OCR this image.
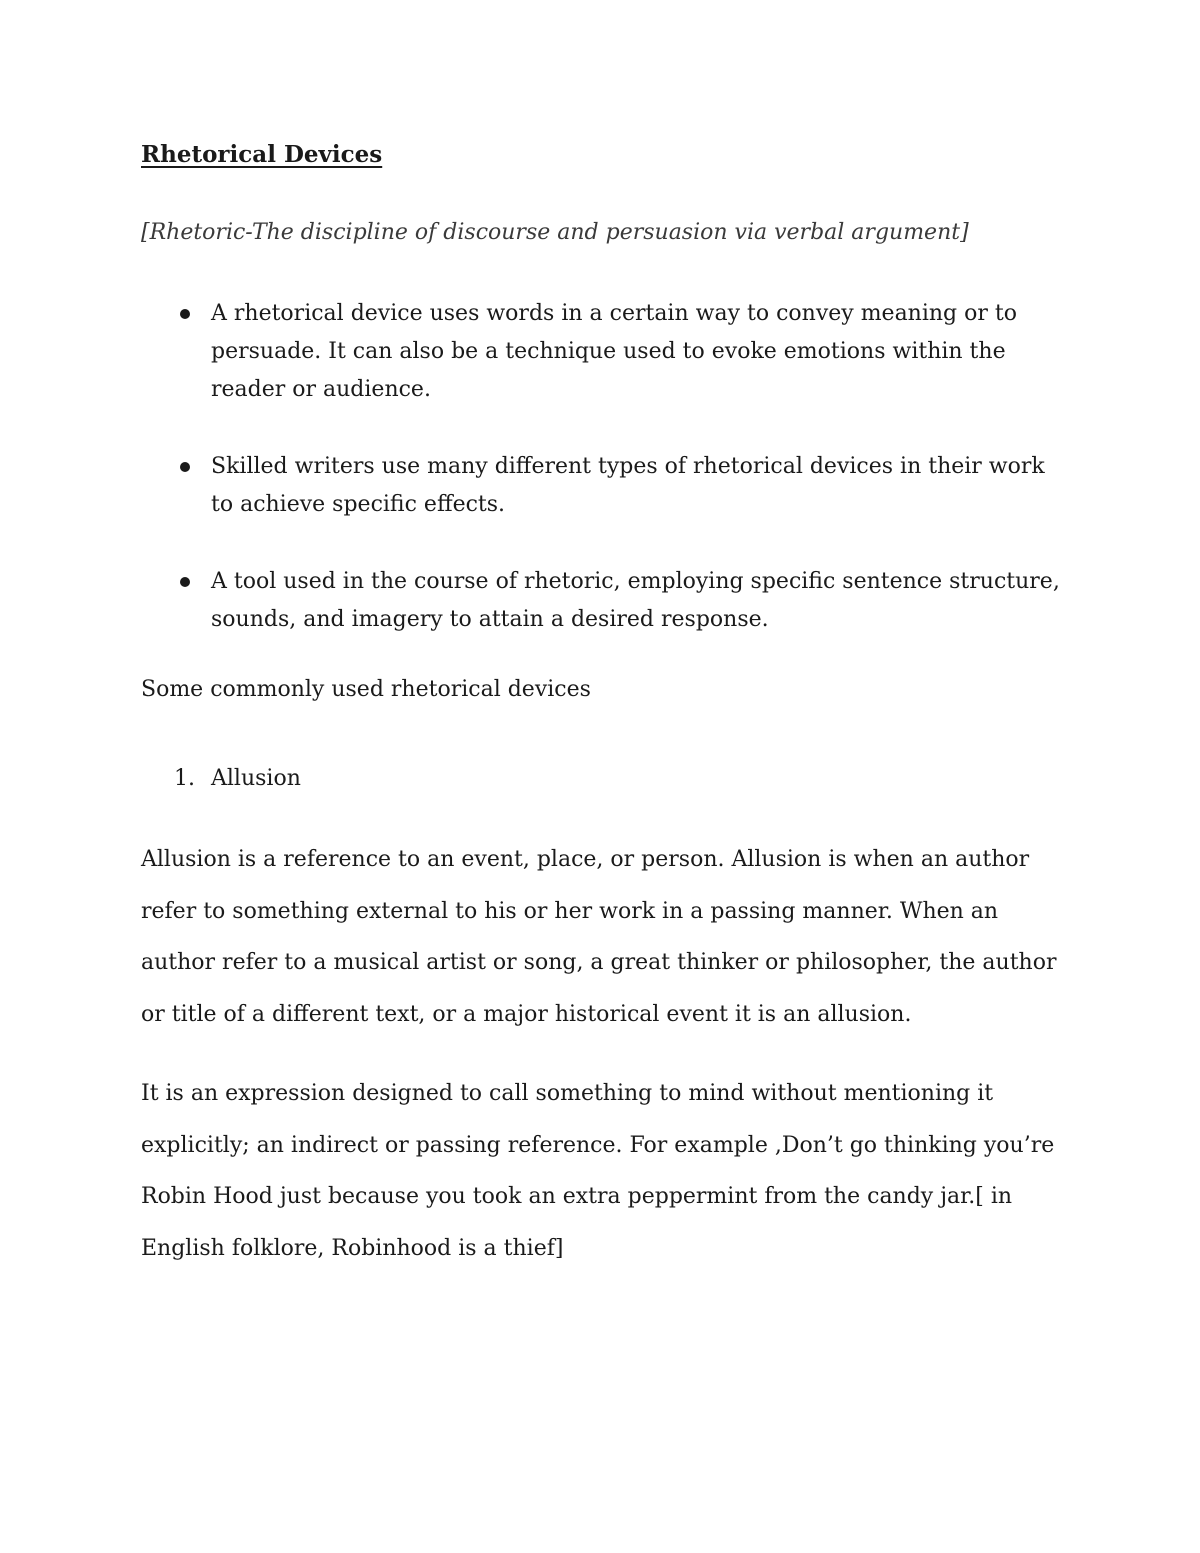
Rhetorical Devices

[Rhetoric-The discipline of discourse and persuasion via verbal argument]

A rhetorical device uses words in a certain way to convey meaning or to persuade. It can also be a technique used to evoke emotions within the reader or audience.
Skilled writers use many different types of rhetorical devices in their work to achieve specific effects.
A tool used in the course of rhetoric, employing specific sentence structure, sounds, and imagery to attain a desired response.

Some commonly used rhetorical devices

1. Allusion

Allusion is a reference to an event, place, or person. Allusion is when an author refer to something external to his or her work in a passing manner. When an author refer to a musical artist or song, a great thinker or philosopher, the author or title of a different text, or a major historical event it is an allusion.

It is an expression designed to call something to mind without mentioning it explicitly; an indirect or passing reference. For example ,Don’t go thinking you’re Robin Hood just because you took an extra peppermint from the candy jar.[ in English folklore, Robinhood is a thief]
